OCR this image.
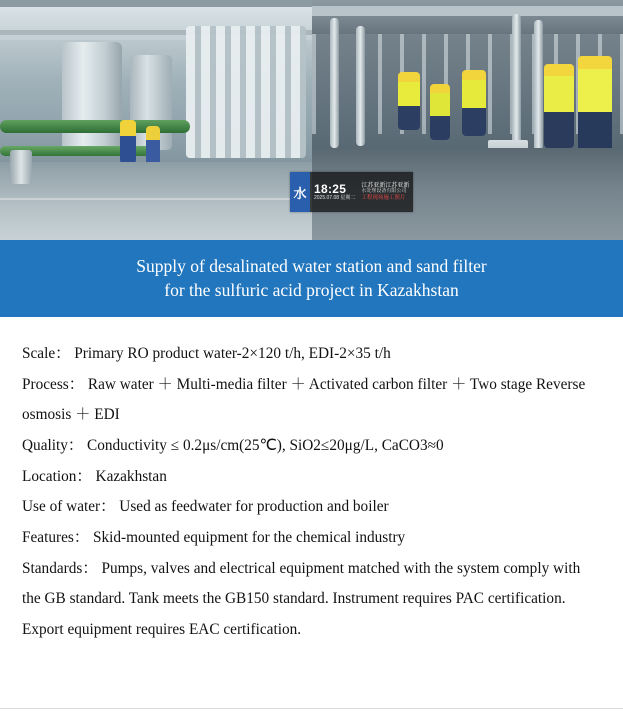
水 18:25
2025.07.08 星期二
江苏亚新江苏亚新
水处理设备有限公司
工程现场施工照片
Supply of desalinated water station and sand filter
for the sulfuric acid project in Kazakhstan

Scale： Primary RO product water-2×120 t/h, EDI-2×35 t/h

Process： Raw water ＋ Multi-media filter ＋ Activated carbon filter ＋ Two stage Reverse osmosis ＋ EDI

Quality： Conductivity ≤ 0.2μs/cm(25℃), SiO2≤20μg/L, CaCO3≈0

Location： Kazakhstan

Use of water： Used as feedwater for production and boiler

Features： Skid-mounted equipment for the chemical industry

Standards： Pumps, valves and electrical equipment matched with the system comply with the GB standard. Tank meets the GB150 standard. Instrument requires PAC certification. Export equipment requires EAC certification.
